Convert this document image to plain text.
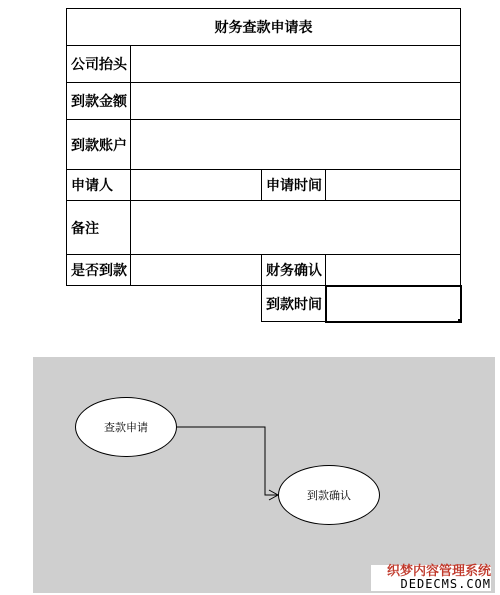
财务查款申请表			
公司抬头			
到款金额			
到款账户			
申请人		申请时间	
备注			
是否到款		财务确认	
		到款时间	
查款申请
到款确认
织梦内容管理系统
DEDECMS.COM
